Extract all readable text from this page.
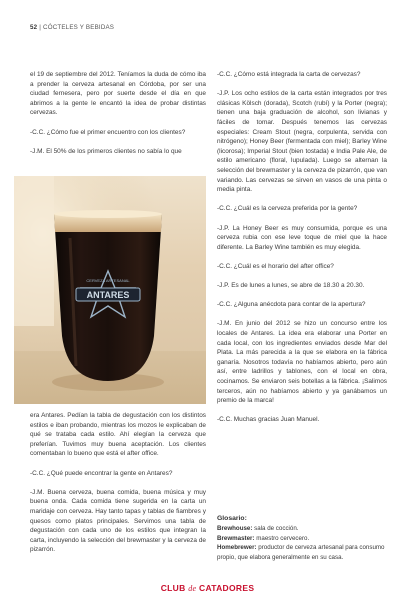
52 | CÓCTELES Y BEBIDAS

el 19 de septiembre del 2012. Teníamos la duda de cómo iba a prender la cerveza artesanal en Córdoba, por ser una ciudad fernesera, pero por suerte desde el día en que abrimos a la gente le encantó la idea de probar distintas cervezas.

-C.C. ¿Cómo fue el primer encuentro con los clientes?

-J.M. El 50% de los primeros clientes no sabía lo que

ANTARES
CERVEZA ARTESANAL

era Antares. Pedían la tabla de degustación con los distintos estilos e iban probando, mientras los mozos le explicaban de qué se trataba cada estilo. Ahí elegían la cerveza que preferían. Tuvimos muy buena aceptación. Los clientes comentaban lo bueno que está el after office.

-C.C. ¿Qué puede encontrar la gente en Antares?

-J.M. Buena cerveza, buena comida, buena música y muy buena onda. Cada comida tiene sugerida en la carta un maridaje con cerveza. Hay tanto tapas y tablas de fiambres y quesos como platos principales. Servimos una tabla de degustación con cada uno de los estilos que integran la carta, incluyendo la selección del brewmaster y la cerveza de pizarrón.

-C.C. ¿Cómo está integrada la carta de cervezas?

-J.P. Los ocho estilos de la carta están integrados por tres clásicas Kölsch (dorada), Scotch (rubí) y la Porter (negra); tienen una baja graduación de alcohol, son livianas y fáciles de tomar. Después tenemos las cervezas especiales: Cream Stout (negra, corpulenta, servida con nitrógeno); Honey Beer (fermentada con miel); Barley Wine (licorosa); Imperial Stout (bien tostada) e India Pale Ale, de estilo americano (floral, lupulada). Luego se alternan la selección del brewmaster y la cerveza de pizarrón, que van variando. Las cervezas se sirven en vasos de una pinta o media pinta.

-C.C. ¿Cuál es la cerveza preferida por la gente?

-J.P. La Honey Beer es muy consumida, porque es una cerveza rubia con ese leve toque de miel que la hace diferente. La Barley Wine también es muy elegida.

-C.C. ¿Cuál es el horario del after office?

-J.P. Es de lunes a lunes, se abre de 18.30 a 20.30.

-C.C. ¿Alguna anécdota para contar de la apertura?

-J.M. En junio del 2012 se hizo un concurso entre los locales de Antares. La idea era elaborar una Porter en cada local, con los ingredientes enviados desde Mar del Plata. La más parecida a la que se elabora en la fábrica ganaría. Nosotros todavía no habíamos abierto, pero aún así, entre ladrillos y tablones, con el local en obra, cocinamos. Se enviaron seis botellas a la fábrica. ¡Salimos terceros, aún no habíamos abierto y ya ganábamos un premio de la marca!

-C.C. Muchas gracias Juan Manuel.

Glosario:
Brewhouse: sala de cocción.
Brewmaster: maestro cervecero.
Homebrewer: productor de cerveza artesanal para consumo propio, que elabora generalmente en su casa.
CLUB de CATADORES
